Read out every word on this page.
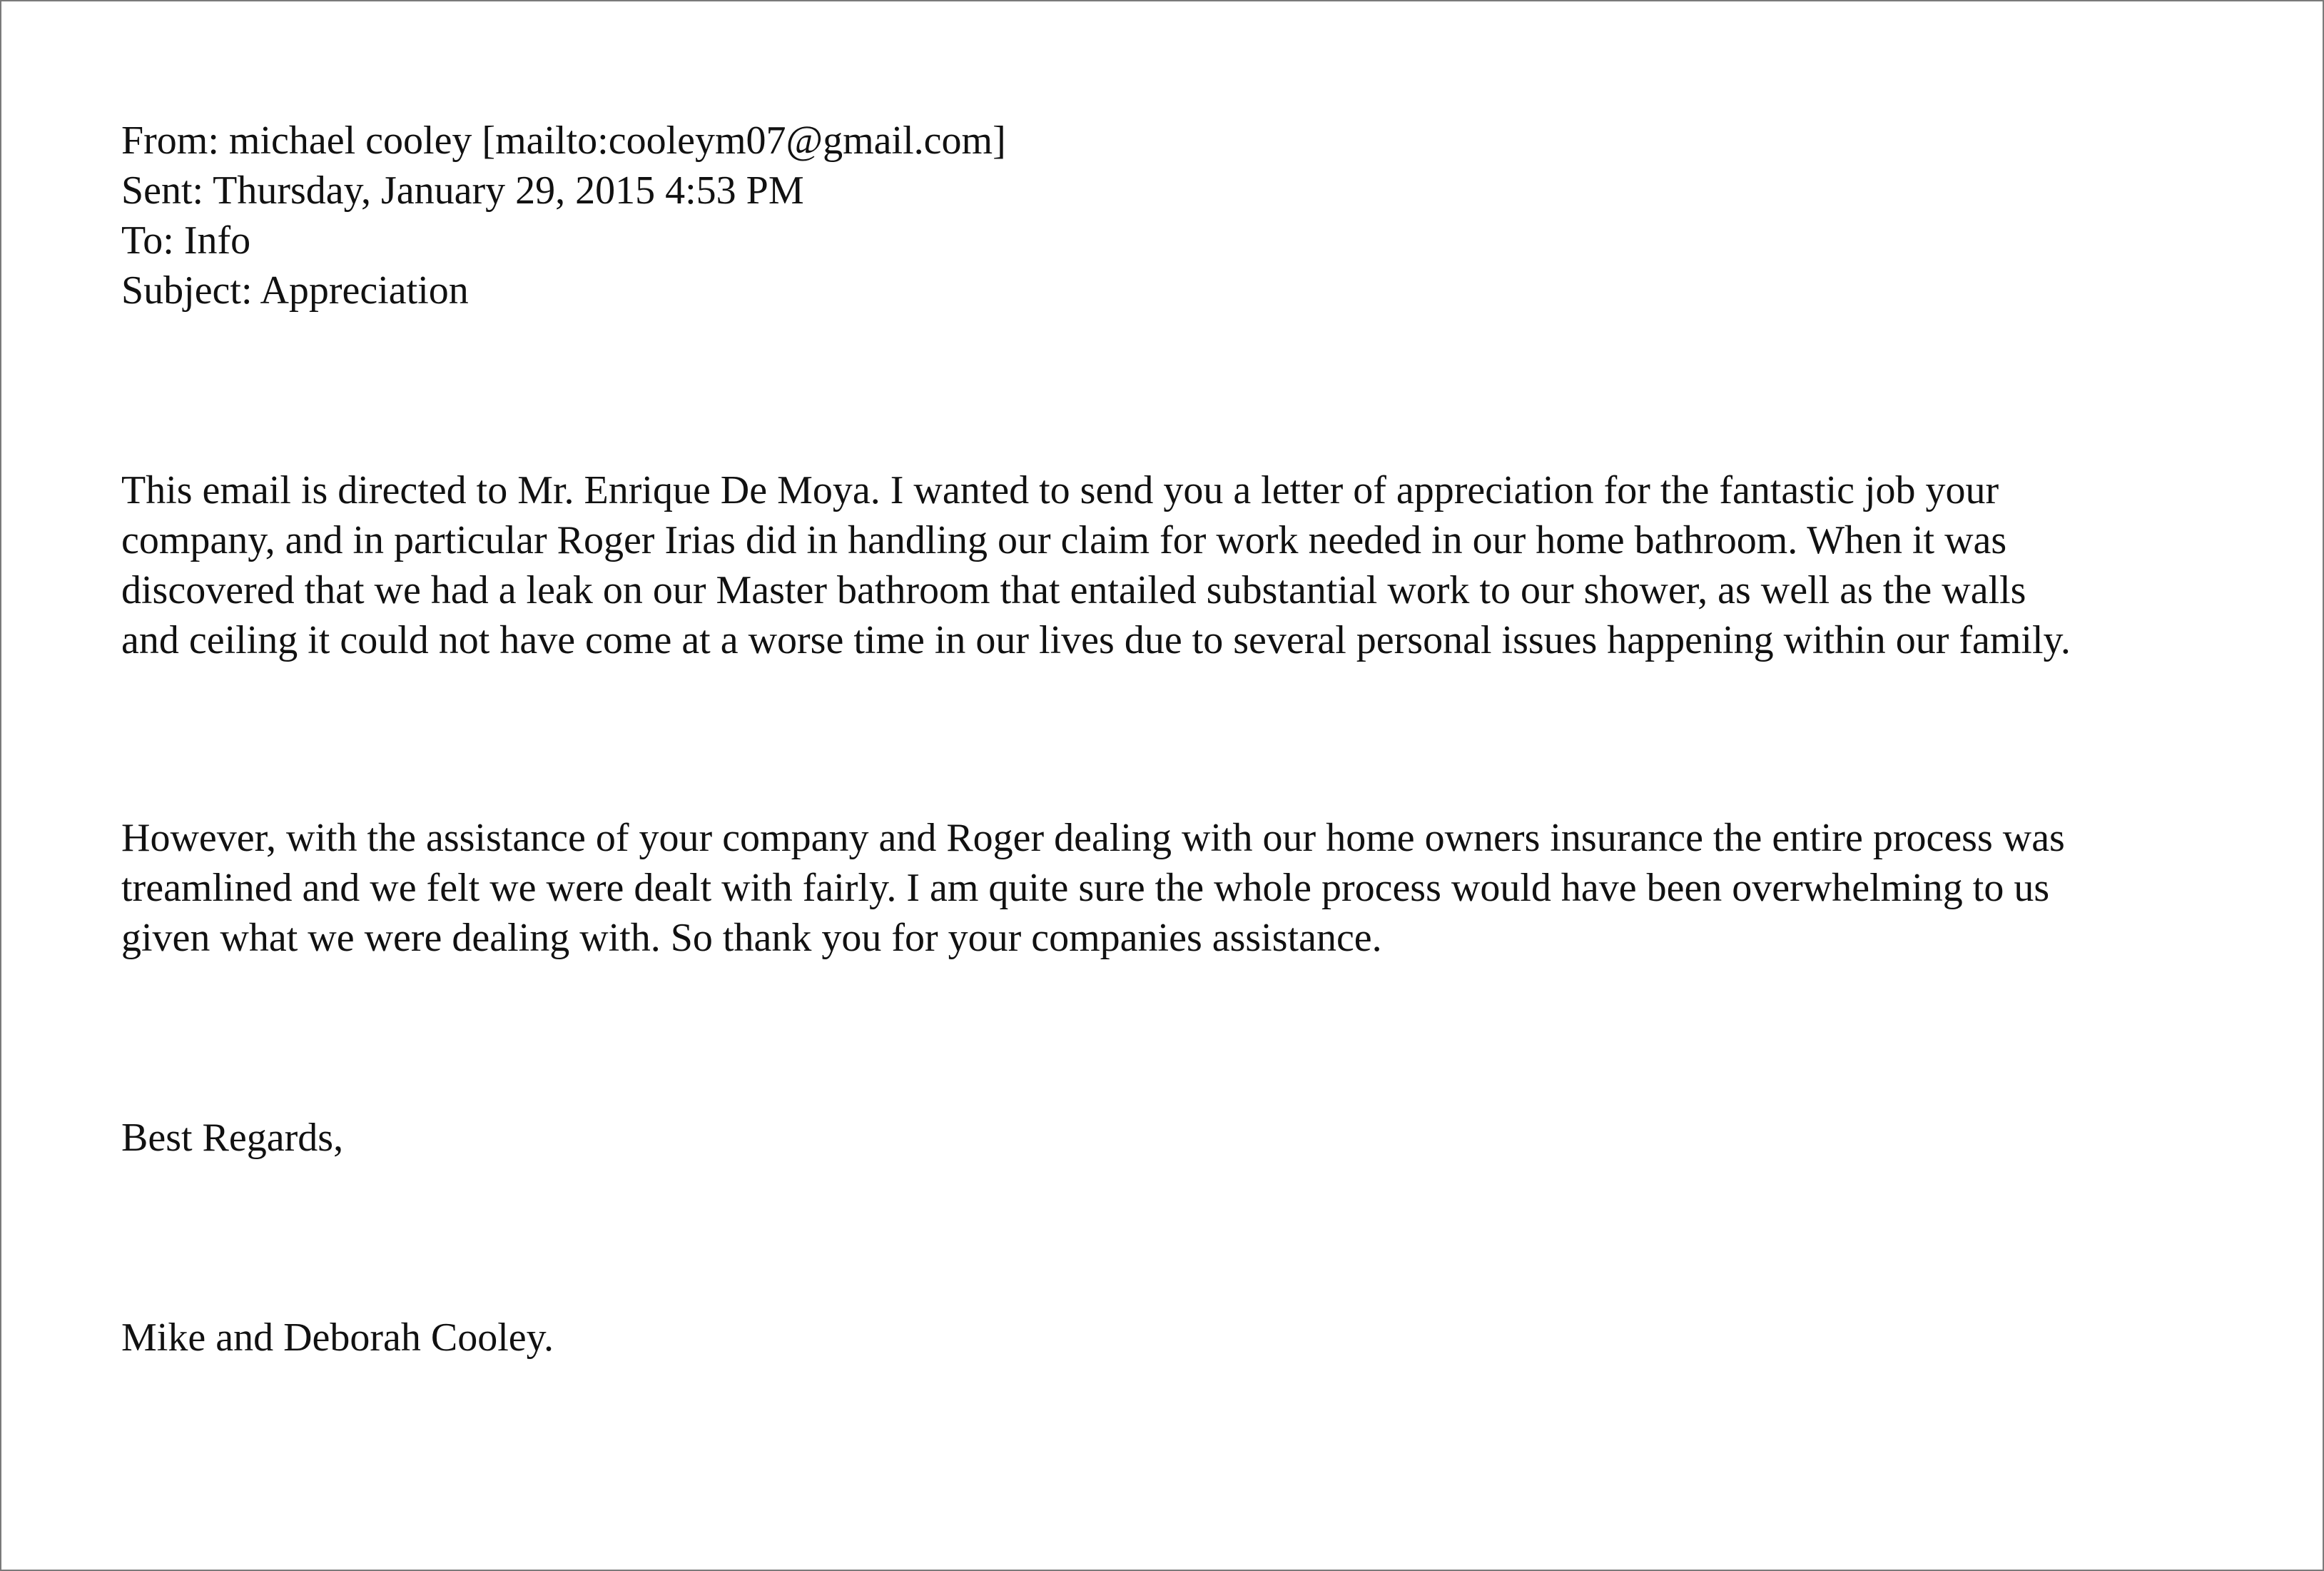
From: michael cooley [mailto:cooleym07@gmail.com]
Sent: Thursday, January 29, 2015 4:53 PM
To: Info
Subject: Appreciation

This email is directed to Mr. Enrique De Moya. I wanted to send you a letter of appreciation for the fantastic job your
company, and in particular Roger Irias did in handling our claim for work needed in our home bathroom. When it was
discovered that we had a leak on our Master bathroom that entailed substantial work to our shower, as well as the walls
and ceiling it could not have come at a worse time in our lives due to several personal issues happening within our family.

However, with the assistance of your company and Roger dealing with our home owners insurance the entire process was
treamlined and we felt we were dealt with fairly. I am quite sure the whole process would have been overwhelming to us
given what we were dealing with. So thank you for your companies assistance.

Best Regards,

Mike and Deborah Cooley.
